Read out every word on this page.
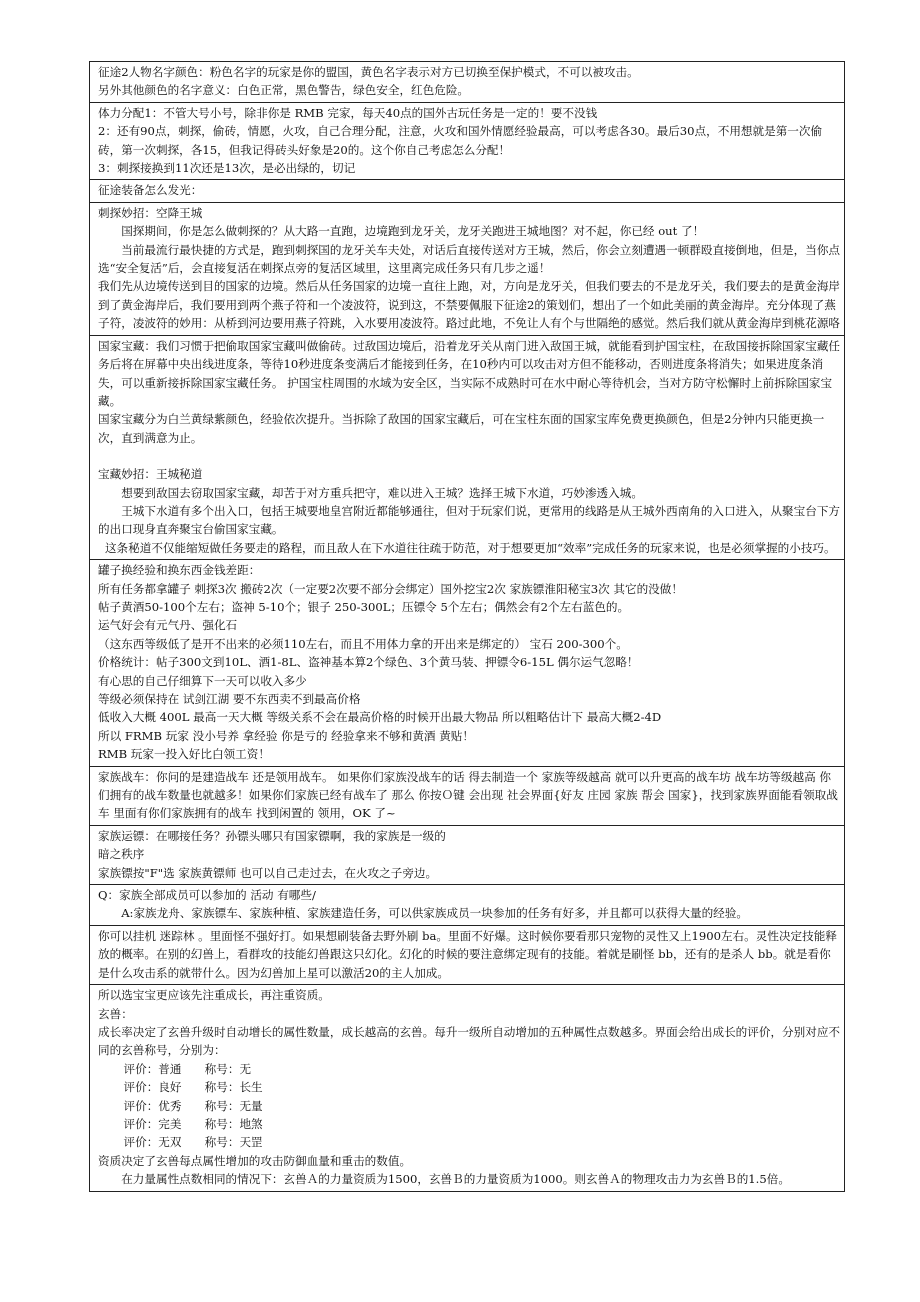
征途2人物名字颜色：粉色名字的玩家是你的盟国，黄色名字表示对方已切换至保护模式，不可以被攻击。
另外其他颜色的名字意义：白色正常，黑色警告，绿色安全，红色危险。
体力分配1：不管大号小号，除非你是 RMB 完家，每天40点的国外古玩任务是一定的！要不没钱
2：还有90点，刺探，偷砖，情愿，火攻，自己合理分配，注意，火攻和国外情愿经验最高，可以考虑各30。最后30点，不用想就是第一次偷砖，第一次刺探，各15，但我记得砖头好象是20的。这个你自己考虑怎么分配！
3：刺探接换到11次还是13次，是必出绿的，切记
征途装备怎么发光：
刺探妙招：空降王城
国探期间，你是怎么做刺探的？从大路一直跑，边境跑到龙牙关，龙牙关跑进王城地图？对不起，你已经 out 了！
当前最流行最快捷的方式是，跑到刺探国的龙牙关车夫处，对话后直接传送对方王城，然后，你会立刻遭遇一顿群殴直接倒地，但是，当你点选“安全复活”后，会直接复活在刺探点旁的复活区域里，这里离完成任务只有几步之遥！
我们先从边境传送到目的国家的边境。然后从任务国家的边境一直往上跑，对，方向是龙牙关，但我们要去的不是龙牙关，我们要去的是黄金海岸到了黄金海岸后，我们要用到两个燕子符和一个凌波符，说到这，不禁要佩服下征途2的策划们，想出了一个如此美丽的黄金海岸。充分体现了燕子符，凌波符的妙用：从桥到河边要用燕子符跳，入水要用凌波符。路过此地，不免让人有个与世隔绝的感觉。然后我们就从黄金海岸到桃花源咯
国家宝藏：我们习惯于把偷取国家宝藏叫做偷砖。过敌国边境后，沿着龙牙关从南门进入敌国王城，就能看到护国宝柱，在敌国接拆除国家宝藏任务后将在屏幕中央出线进度条，等待10秒进度条变满后才能接到任务，在10秒内可以攻击对方但不能移动，否则进度条将消失；如果进度条消失，可以重新接拆除国家宝藏任务。 护国宝柱周围的水域为安全区，当实际不成熟时可在水中耐心等待机会，当对方防守松懈时上前拆除国家宝藏。
国家宝藏分为白兰黄绿紫颜色，经验依次提升。当拆除了敌国的国家宝藏后，可在宝柱东面的国家宝库免费更换颜色，但是2分钟内只能更换一次，直到满意为止。
宝藏妙招：王城秘道
想要到敌国去窃取国家宝藏，却苦于对方重兵把守，难以进入王城？选择王城下水道，巧妙渗透入城。
王城下水道有多个出入口，包括王城要地皇宫附近都能够通往，但对于玩家们说，更常用的线路是从王城外西南角的入口进入，从聚宝台下方的出口现身直奔聚宝台偷国家宝藏。
这条秘道不仅能缩短做任务要走的路程，而且敌人在下水道往往疏于防范，对于想要更加“效率”完成任务的玩家来说，也是必须掌握的小技巧。
罐子换经验和换东西金钱差距：
所有任务都拿罐子 刺探3次 搬砖2次（一定要2次要不部分会绑定）国外挖宝2次 家族镖淮阳秘宝3次 其它的没做！
帖子黄酒50-100个左右；盗神 5-10个；银子 250-300L；压镖令 5个左右；偶然会有2个左右蓝色的。
运气好会有元气丹、强化石
（这东西等级低了是开不出来的必须110左右，而且不用体力拿的开出来是绑定的） 宝石 200-300个。
价格统计：帖子300文到10L、酒1-8L、盗神基本算2个绿色、3个黄马装、押镖令6-15L 偶尔运气忽略！
有心思的自己仔细算下一天可以收入多少
等级必须保持在 试剑江湖 要不东西卖不到最高价格
低收入大概 400L 最高一天大概 等级关系不会在最高价格的时候开出最大物品 所以粗略估计下 最高大概2-4D
所以 FRMB 玩家 没小号养 拿经验 你是亏的 经验拿来不够和黄酒 黄贴！
RMB 玩家一投入好比白领工资！
家族战车：你问的是建造战车 还是领用战车。 如果你们家族没战车的话 得去制造一个 家族等级越高 就可以升更高的战车坊 战车坊等级越高 你们拥有的战车数量也就越多！如果你们家族已经有战车了 那么 你按Ｏ键 会出现 社会界面{好友 庄园 家族 帮会 国家}，找到家族界面能看领取战车 里面有你们家族拥有的战车 找到闲置的 领用，OK 了~
家族运镖：在哪接任务？孙镖头哪只有国家镖啊，我的家族是一级的
暗之秩序
家族镖按"F"选 家族黄镖师 也可以自己走过去，在火攻之子旁边。
Q：家族全部成员可以参加的 活动 有哪些/
A:家族龙舟、家族镖车、家族种植、家族建造任务，可以供家族成员一块参加的任务有好多，并且都可以获得大量的经验。
你可以挂机 迷踪林 。里面怪不强好打。如果想刷装备去野外刷 ba。里面不好爆。这时候你要看那只宠物的灵性又上1900左右。灵性决定技能释放的概率。在别的幻兽上，看群攻的技能幻兽跟这只幻化。幻化的时候的要注意绑定现有的技能。着就是刷怪 bb，还有的是杀人 bb。就是看你是什么攻击系的就带什么。因为幻兽加上星可以激活20的主人加成。
所以选宝宝更应该先注重成长，再注重资质。
玄兽：
成长率决定了玄兽升级时自动增长的属性数量，成长越高的玄兽。每升一级所自动增加的五种属性点数越多。界面会给出成长的评价，分别对应不同的玄兽称号，分别为：
评价：普通　　称号：无
评价：良好　　称号：长生
评价：优秀　　称号：无量
评价：完美　　称号：地煞
评价：无双　　称号：天罡
资质决定了玄兽每点属性增加的攻击防御血量和重击的数值。
在力量属性点数相同的情况下：玄兽Ａ的力量资质为1500，玄兽Ｂ的力量资质为1000。则玄兽Ａ的物理攻击力为玄兽Ｂ的1.5倍。
